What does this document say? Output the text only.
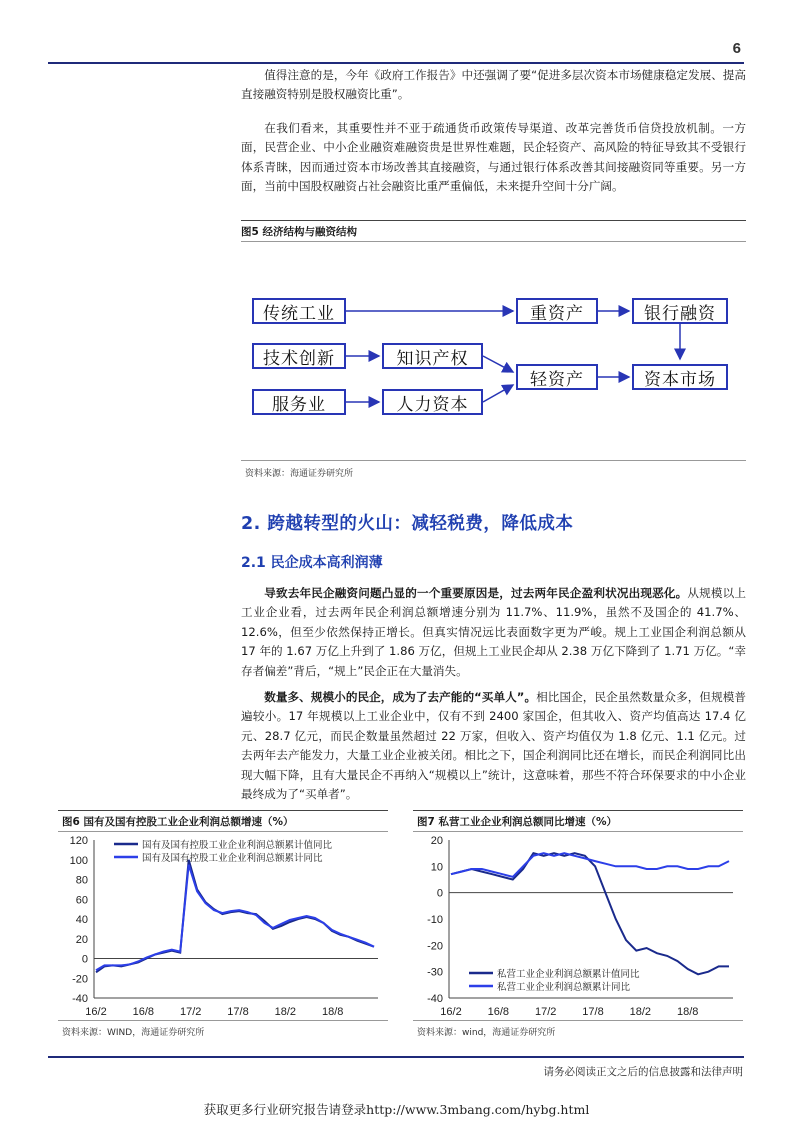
6

值得注意的是，今年《政府工作报告》中还强调了要“促进多层次资本市场健康稳定发展、提高直接融资特别是股权融资比重”。

在我们看来，其重要性并不亚于疏通货币政策传导渠道、改革完善货币信贷投放机制。一方面，民营企业、中小企业融资难融资贵是世界性难题，民企轻资产、高风险的特征导致其不受银行体系青睐，因而通过资本市场改善其直接融资，与通过银行体系改善其间接融资同等重要。另一方面，当前中国股权融资占社会融资比重严重偏低，未来提升空间十分广阔。

图5 经济结构与融资结构
传统工业	重资产	银行融资
技术创新	知识产权
轻资产	资本市场
服务业	人力资本
资料来源：海通证券研究所
2. 跨越转型的火山：减轻税费，降低成本
2.1 民企成本高利润薄

导致去年民企融资问题凸显的一个重要原因是，过去两年民企盈利状况出现恶化。从规模以上工业企业看，过去两年民企利润总额增速分别为 11.7%、11.9%，虽然不及国企的 41.7%、12.6%，但至少依然保持正增长。但真实情况远比表面数字更为严峻。规上工业国企利润总额从 17 年的 1.67 万亿上升到了 1.86 万亿，但规上工业民企却从 2.38 万亿下降到了 1.71 万亿。“幸存者偏差”背后，“规上”民企正在大量消失。

数量多、规模小的民企，成为了去产能的“买单人”。相比国企，民企虽然数量众多，但规模普遍较小。17 年规模以上工业企业中，仅有不到 2400 家国企，但其收入、资产均值高达 17.4 亿元、28.7 亿元，而民企数量虽然超过 22 万家，但收入、资产均值仅为 1.8 亿元、1.1 亿元。过去两年去产能发力，大量工业企业被关闭。相比之下，国企利润同比还在增长，而民企利润同比出现大幅下降，且有大量民企不再纳入“规模以上”统计，这意味着，那些不符合环保要求的中小企业最终成为了“买单者”。

图6 国有及国有控股工业企业利润总额增速（%）
120
100
80
60
40
20
0
-20
-40
16/2 16/8 17/2 17/8 18/2 18/8
国有及国有控股工业企业利润总额累计值同比
国有及国有控股工业企业利润总额累计同比
资料来源：WIND，海通证券研究所
图7 私营工业企业利润总额同比增速（%）
20
10
0
-10
-20
-30
-40
16/2 16/8 17/2 17/8 18/2 18/8
私营工业企业利润总额累计值同比
私营工业企业利润总额累计同比
资料来源：wind，海通证券研究所
请务必阅读正文之后的信息披露和法律声明
获取更多行业研究报告请登录http://www.3mbang.com/hybg.html
